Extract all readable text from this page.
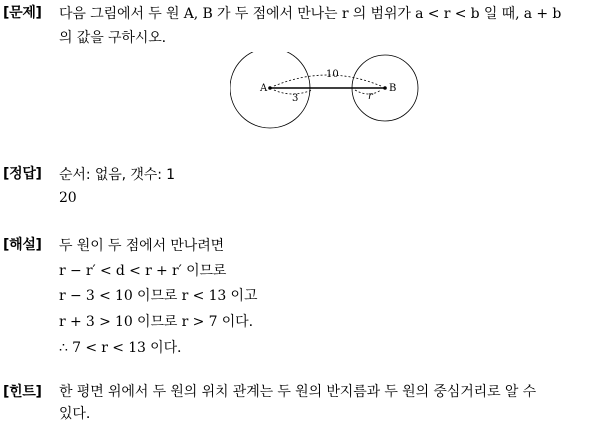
[문제] 다음 그림에서 두 원 A, B 가 두 점에서 만나는 r 의 범위가 a < r < b 일 때, a + b
의 값을 구하시오.
A	B
10
3	r
[정답] 순서: 없음, 갯수: 1
20
[해설] 두 원이 두 점에서 만나려면
r − r′ < d < r + r′ 이므로
r − 3 < 10 이므로 r < 13 이고
r + 3 > 10 이므로 r > 7 이다.
∴ 7 < r < 13 이다.
[힌트] 한 평면 위에서 두 원의 위치 관계는 두 원의 반지름과 두 원의 중심거리로 알 수
있다.
